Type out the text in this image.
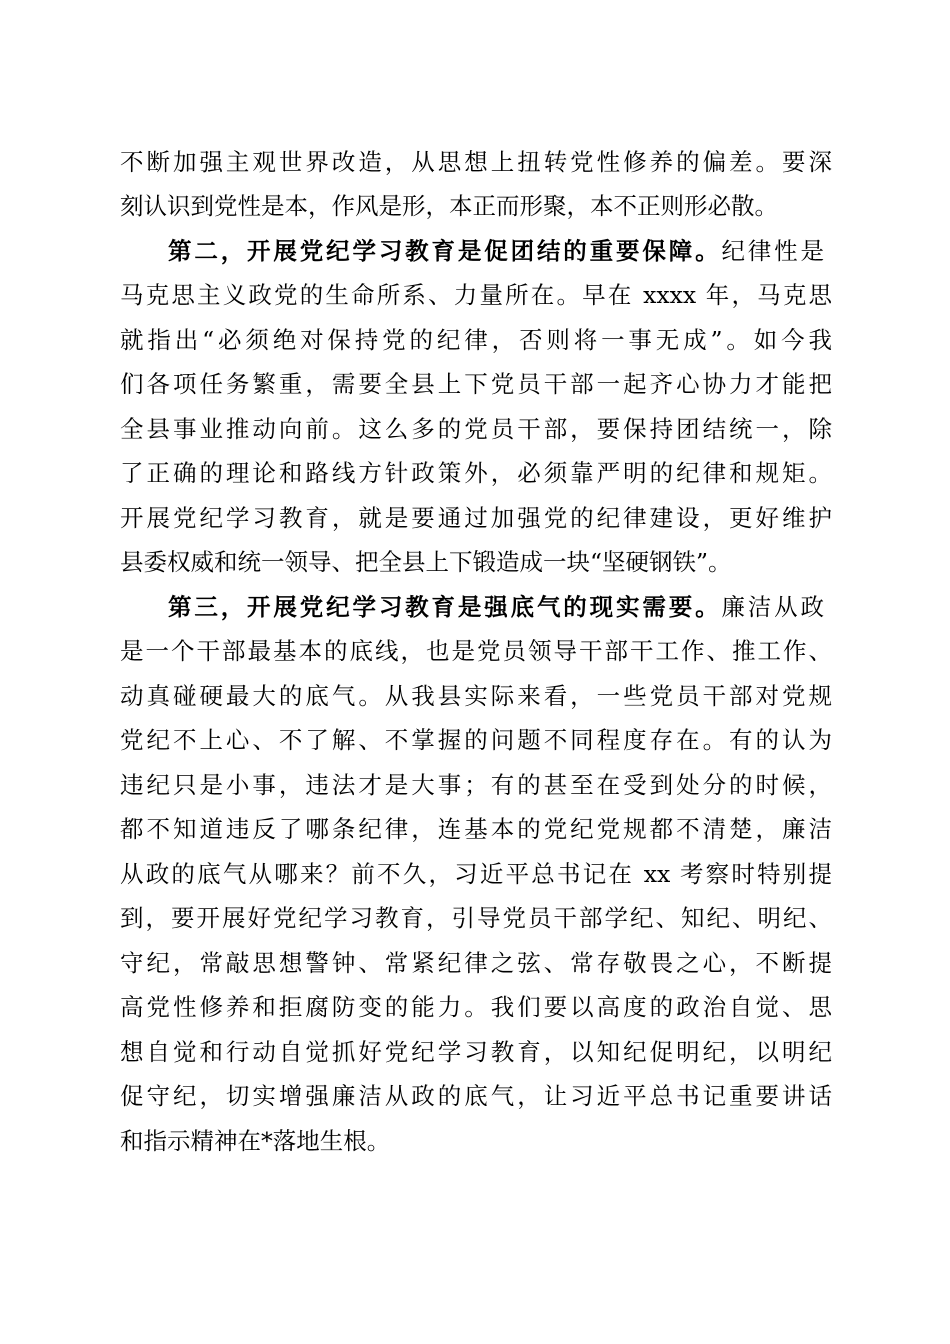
不断加强主观世界改造，从思想上扭转党性修养的偏差。要深
刻认识到党性是本，作风是形，本正而形聚，本不正则形必散。
第二，开展党纪学习教育是促团结的重要保障。纪律性是
马克思主义政党的生命所系、力量所在。早在 xxxx 年，马克思
就指出“必须绝对保持党的纪律，否则将一事无成”。如今我
们各项任务繁重，需要全县上下党员干部一起齐心协力才能把
全县事业推动向前。这么多的党员干部，要保持团结统一，除
了正确的理论和路线方针政策外，必须靠严明的纪律和规矩。
开展党纪学习教育，就是要通过加强党的纪律建设，更好维护
县委权威和统一领导、把全县上下锻造成一块“坚硬钢铁”。
第三，开展党纪学习教育是强底气的现实需要。廉洁从政
是一个干部最基本的底线，也是党员领导干部干工作、推工作、
动真碰硬最大的底气。从我县实际来看，一些党员干部对党规
党纪不上心、不了解、不掌握的问题不同程度存在。有的认为
违纪只是小事，违法才是大事；有的甚至在受到处分的时候，
都不知道违反了哪条纪律，连基本的党纪党规都不清楚，廉洁
从政的底气从哪来？前不久，习近平总书记在 xx 考察时特别提
到，要开展好党纪学习教育，引导党员干部学纪、知纪、明纪、
守纪，常敲思想警钟、常紧纪律之弦、常存敬畏之心，不断提
高党性修养和拒腐防变的能力。我们要以高度的政治自觉、思
想自觉和行动自觉抓好党纪学习教育，以知纪促明纪，以明纪
促守纪，切实增强廉洁从政的底气，让习近平总书记重要讲话
和指示精神在*落地生根。
